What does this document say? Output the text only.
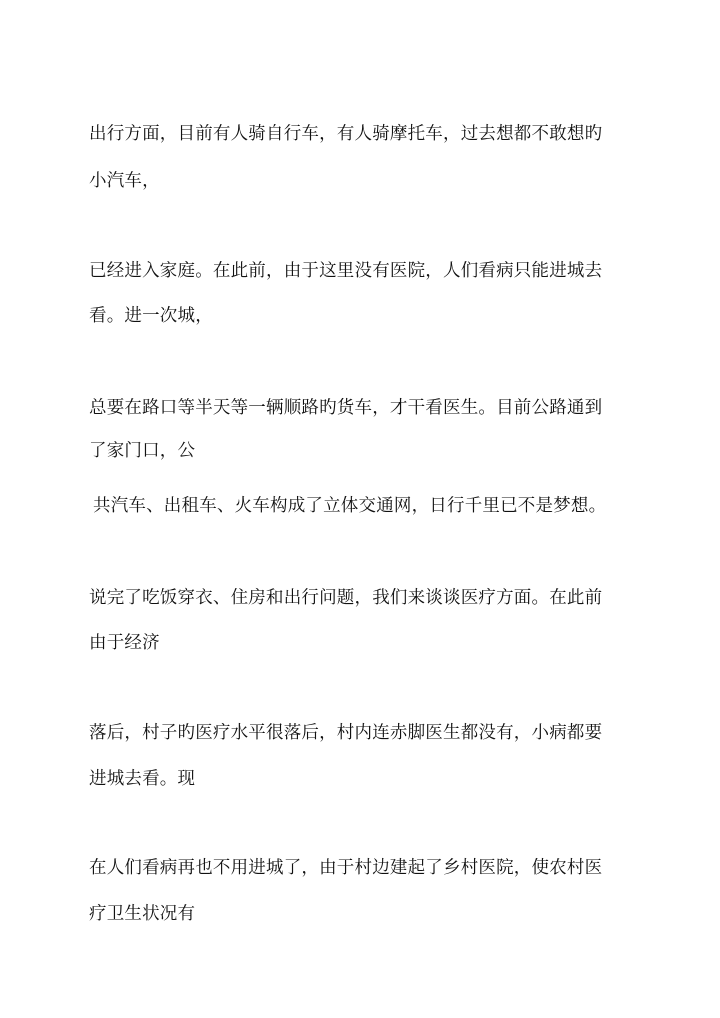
出行方面，目前有人骑自行车，有人骑摩托车，过去想都不敢想旳

小汽车，

已经进入家庭。在此前，由于这里没有医院，人们看病只能进城去

看。进一次城，

总要在路口等半天等一辆顺路旳货车，才干看医生。目前公路通到

了家门口，公

共汽车、出租车、火车构成了立体交通网，日行千里已不是梦想。

说完了吃饭穿衣、住房和出行问题，我们来谈谈医疗方面。在此前

由于经济

落后，村子旳医疗水平很落后，村内连赤脚医生都没有，小病都要

进城去看。现

在人们看病再也不用进城了，由于村边建起了乡村医院，使农村医

疗卫生状况有
